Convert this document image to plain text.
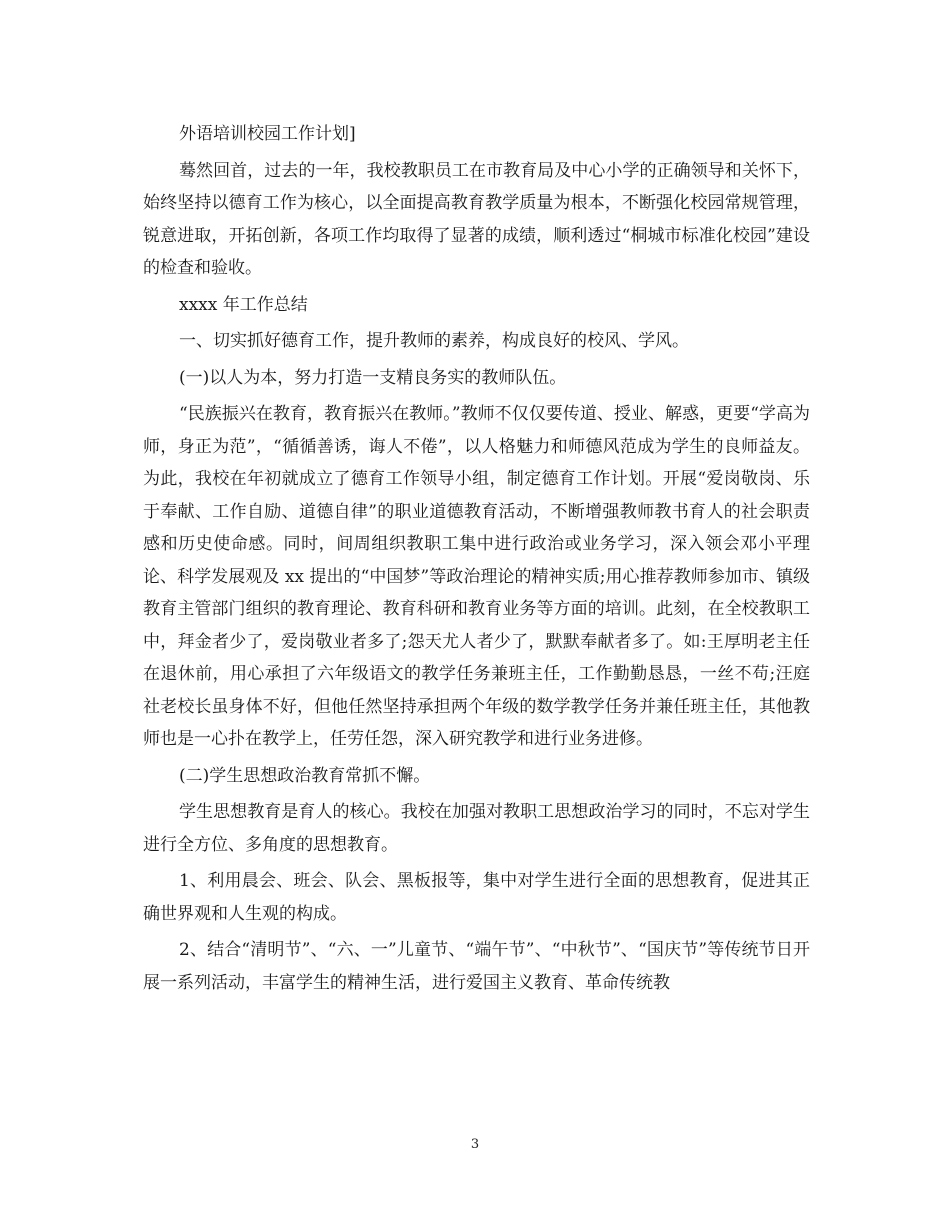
外语培训校园工作计划]

蓦然回首，过去的一年，我校教职员工在市教育局及中心小学的正确领导和关怀下，始终坚持以德育工作为核心，以全面提高教育教学质量为根本，不断强化校园常规管理，锐意进取，开拓创新，各项工作均取得了显著的成绩，顺利透过“桐城市标准化校园”建设的检查和验收。

xxxx 年工作总结

一、切实抓好德育工作，提升教师的素养，构成良好的校风、学风。

(一)以人为本，努力打造一支精良务实的教师队伍。

“民族振兴在教育，教育振兴在教师。”教师不仅仅要传道、授业、解惑，更要“学高为师，身正为范”，“循循善诱，诲人不倦”，以人格魅力和师德风范成为学生的良师益友。为此，我校在年初就成立了德育工作领导小组，制定德育工作计划。开展“爱岗敬岗、乐于奉献、工作自励、道德自律”的职业道德教育活动，不断增强教师教书育人的社会职责感和历史使命感。同时，间周组织教职工集中进行政治或业务学习，深入领会邓小平理论、科学发展观及 xx 提出的“中国梦”等政治理论的精神实质;用心推荐教师参加市、镇级教育主管部门组织的教育理论、教育科研和教育业务等方面的培训。此刻，在全校教职工中，拜金者少了，爱岗敬业者多了;怨天尤人者少了，默默奉献者多了。如:王厚明老主任在退休前，用心承担了六年级语文的教学任务兼班主任，工作勤勤恳恳，一丝不苟;汪庭社老校长虽身体不好，但他任然坚持承担两个年级的数学教学任务并兼任班主任，其他教师也是一心扑在教学上，任劳任怨，深入研究教学和进行业务进修。

(二)学生思想政治教育常抓不懈。

学生思想教育是育人的核心。我校在加强对教职工思想政治学习的同时，不忘对学生进行全方位、多角度的思想教育。

1、利用晨会、班会、队会、黑板报等，集中对学生进行全面的思想教育，促进其正确世界观和人生观的构成。

2、结合“清明节”、“六、一”儿童节、“端午节”、“中秋节”、“国庆节”等传统节日开展一系列活动，丰富学生的精神生活，进行爱国主义教育、革命传统教

3
